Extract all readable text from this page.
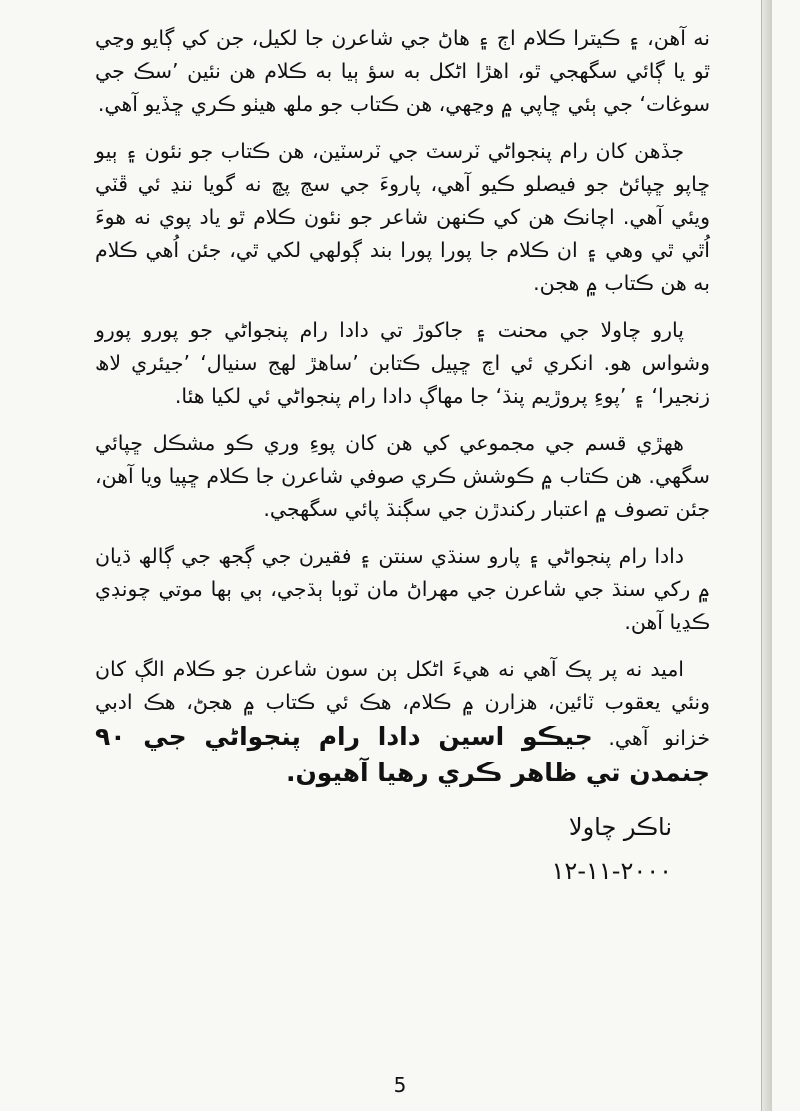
نه آهن، ۽ ڪيترا ڪلام اڄ ۽ هاڻ جي شاعرن جا لکيل، جن کي ڳايو وڃي ٿو يا ڳائي سگهجي ٿو، اهڙا اڻکل به سؤ ٻيا به ڪلام هن نئين ’سڪ جي سوغات‘ جي ٻئي ڇاپي ۾ وڃهي، هن ڪتاب جو ملھ هيٺو ڪري ڇڏيو آهي.

جڏهن کان رام پنجواڻي ٽرسٽ جي ٽرسٽين، هن ڪتاب جو نئون ۽ ٻيو ڇاپو ڇپائڻ جو فيصلو ڪيو آهي، پاروءَ جي سڄ پڇ نه گويا ننڍ ئي ڦٽي ويئي آهي. اچانڪ هن کي ڪنهن شاعر جو نئون ڪلام ٿو ياد پوي نه هوءَ اُٿي ٿي وهي ۽ ان ڪلام جا پورا پورا بند ڳولهي لکي ٿي، جئن اُهي ڪلام به هن ڪتاب ۾ هجن.

پارو چاولا جي محنت ۽ جاکوڙ تي دادا رام پنجواڻي جو پورو پورو وشواس هو. انکري ئي اڄ ڇپيل ڪتابن ’ساهڙ لهج سنيال‘ ’جيئري لاھ زنجيرا‘ ۽ ’پوءِ پروڙيم پنڌ‘ جا مهاڳ دادا رام پنجواڻي ئي لکيا هئا.

ههڙي قسم جي مجموعي کي هن کان پوءِ وري ڪو مشڪل ڇپائي سگهي. هن ڪتاب ۾ ڪوشش ڪري صوفي شاعرن جا ڪلام ڇپيا ويا آهن، جئن تصوف ۾ اعتبار رکندڙن جي سڳنڌ پائي سگهجي.

دادا رام پنجواڻي ۽ پارو سنڌي سنتن ۽ فقيرن جي ڳجھ جي ڳالھ ڌيان ۾ رکي سنڌ جي شاعرن جي مهراڻ مان ٽوٻا ٻڌجي، ٻي ٻها موتي چونڊي ڪڍيا آهن.

اميد نه پر پڪ آهي نه هيءَ اڻکل ٻن سون شاعرن جو ڪلام الڳ کان ونئي يعقوب ٽائين، هزارن ۾ ڪلام، هڪ ئي ڪتاب ۾ هجڻ، هڪ ادبي خزانو آهي. جيڪو اسين دادا رام پنجواڻي جي ٩٠ جنمدن تي ظاهر ڪري رهيا آهيون.

ناڪر چاولا
٢٠٠٠-١١-١٢
5
